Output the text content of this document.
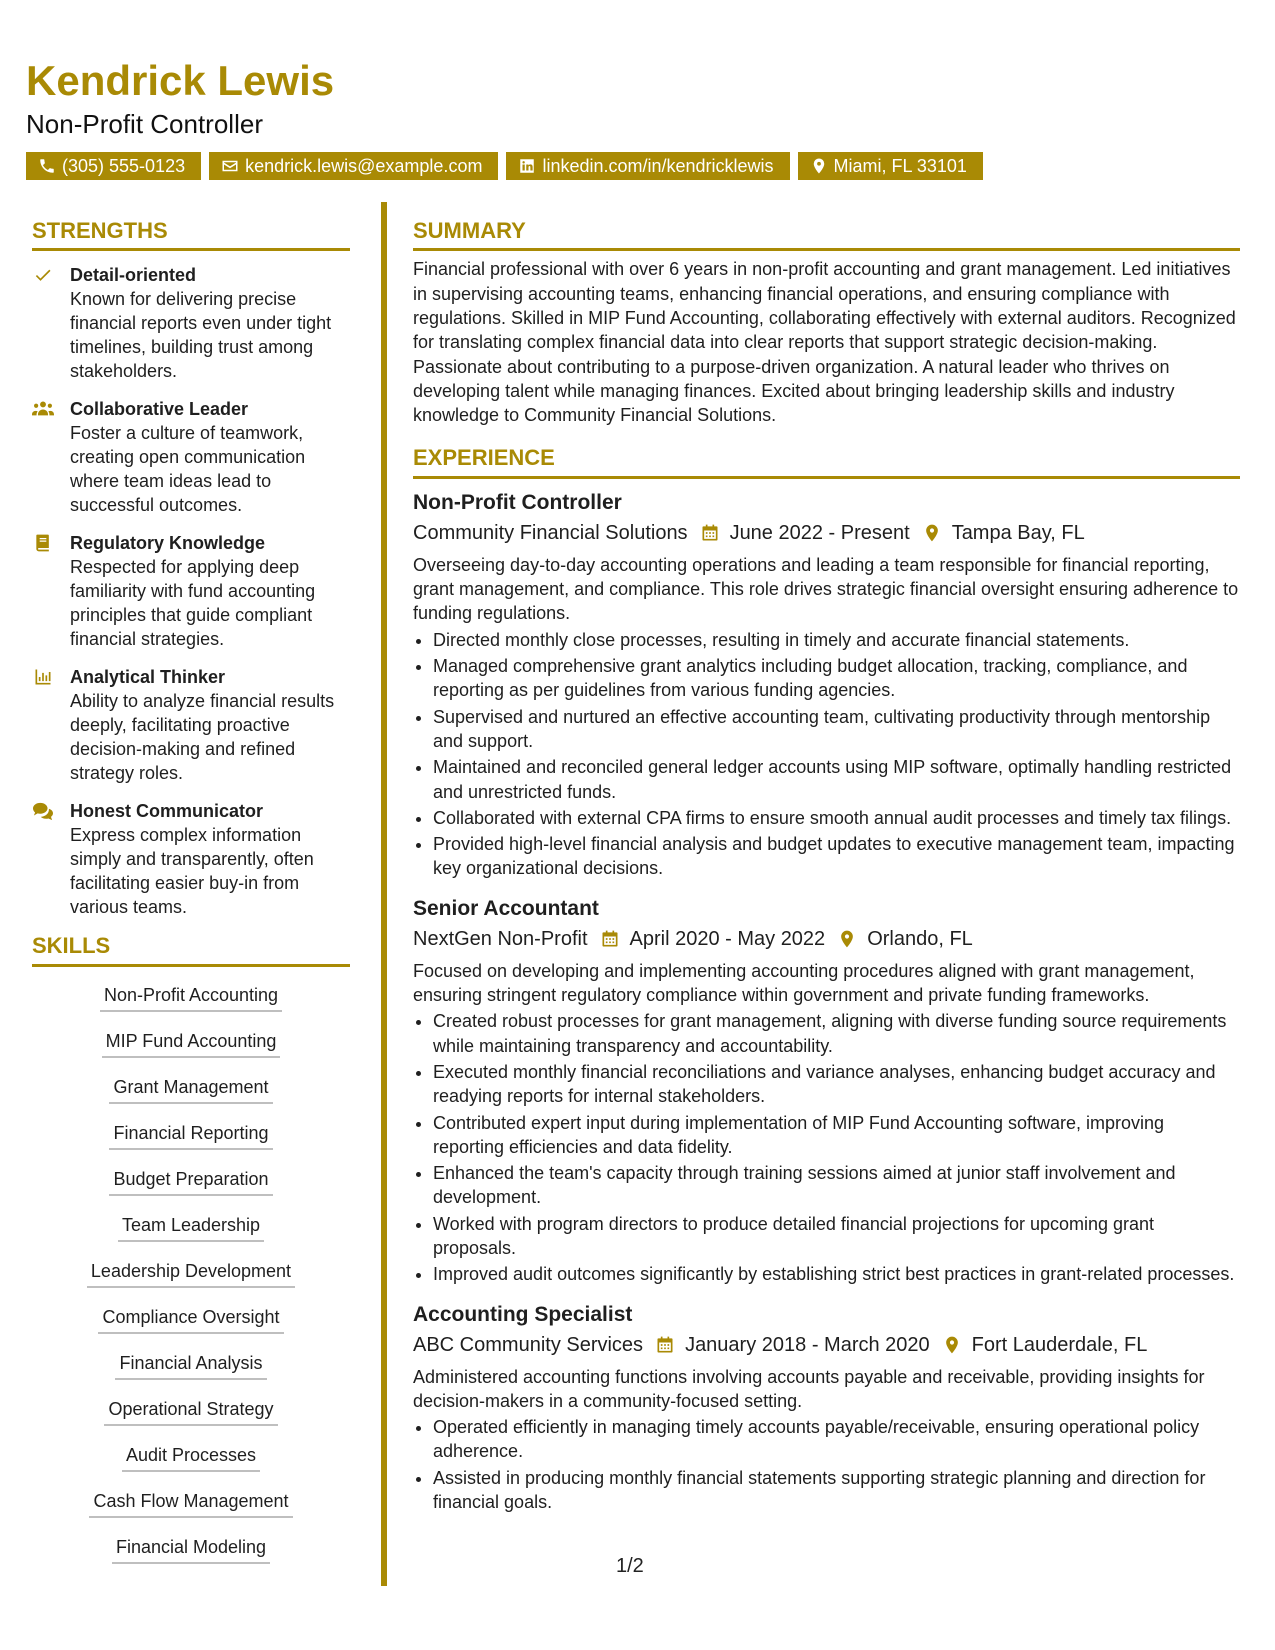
Kendrick Lewis
Non-Profit Controller
(305) 555-0123	kendrick.lewis@example.com	linkedin.com/in/kendricklewis	Miami, FL 33101
STRENGTHS

Detail-oriented

Known for delivering precise financial reports even under tight timelines, building trust among stakeholders.

Collaborative Leader

Foster a culture of teamwork, creating open communication where team ideas lead to successful outcomes.

Regulatory Knowledge

Respected for applying deep familiarity with fund accounting principles that guide compliant financial strategies.

Analytical Thinker

Ability to analyze financial results deeply, facilitating proactive decision-making and refined strategy roles.

Honest Communicator

Express complex information simply and transparently, often facilitating easier buy-in from various teams.

SKILLS
Non-Profit Accounting
MIP Fund Accounting
Grant Management
Financial Reporting
Budget Preparation
Team Leadership
Leadership Development
Compliance Oversight
Financial Analysis
Operational Strategy
Audit Processes
Cash Flow Management
Financial Modeling
SUMMARY

Financial professional with over 6 years in non-profit accounting and grant management. Led initiatives in supervising accounting teams, enhancing financial operations, and ensuring compliance with regulations. Skilled in MIP Fund Accounting, collaborating effectively with external auditors. Recognized for translating complex financial data into clear reports that support strategic decision-making. Passionate about contributing to a purpose-driven organization. A natural leader who thrives on developing talent while managing finances. Excited about bringing leadership skills and industry knowledge to Community Financial Solutions.

EXPERIENCE

Non-Profit Controller

Community Financial Solutions June 2022 - Present Tampa Bay, FL

Overseeing day-to-day accounting operations and leading a team responsible for financial reporting, grant management, and compliance. This role drives strategic financial oversight ensuring adherence to funding regulations.

• Directed monthly close processes, resulting in timely and accurate financial statements.
• Managed comprehensive grant analytics including budget allocation, tracking, compliance, and reporting as per guidelines from various funding agencies.
• Supervised and nurtured an effective accounting team, cultivating productivity through mentorship and support.
• Maintained and reconciled general ledger accounts using MIP software, optimally handling restricted and unrestricted funds.
• Collaborated with external CPA firms to ensure smooth annual audit processes and timely tax filings.
• Provided high-level financial analysis and budget updates to executive management team, impacting key organizational decisions.

Senior Accountant

NextGen Non-Profit April 2020 - May 2022 Orlando, FL

Focused on developing and implementing accounting procedures aligned with grant management, ensuring stringent regulatory compliance within government and private funding frameworks.

• Created robust processes for grant management, aligning with diverse funding source requirements while maintaining transparency and accountability.
• Executed monthly financial reconciliations and variance analyses, enhancing budget accuracy and readying reports for internal stakeholders.
• Contributed expert input during implementation of MIP Fund Accounting software, improving reporting efficiencies and data fidelity.
• Enhanced the team's capacity through training sessions aimed at junior staff involvement and development.
• Worked with program directors to produce detailed financial projections for upcoming grant proposals.
• Improved audit outcomes significantly by establishing strict best practices in grant-related processes.

Accounting Specialist

ABC Community Services January 2018 - March 2020 Fort Lauderdale, FL

Administered accounting functions involving accounts payable and receivable, providing insights for decision-makers in a community-focused setting.

• Operated efficiently in managing timely accounts payable/receivable, ensuring operational policy adherence.
• Assisted in producing monthly financial statements supporting strategic planning and direction for financial goals.
1/2
